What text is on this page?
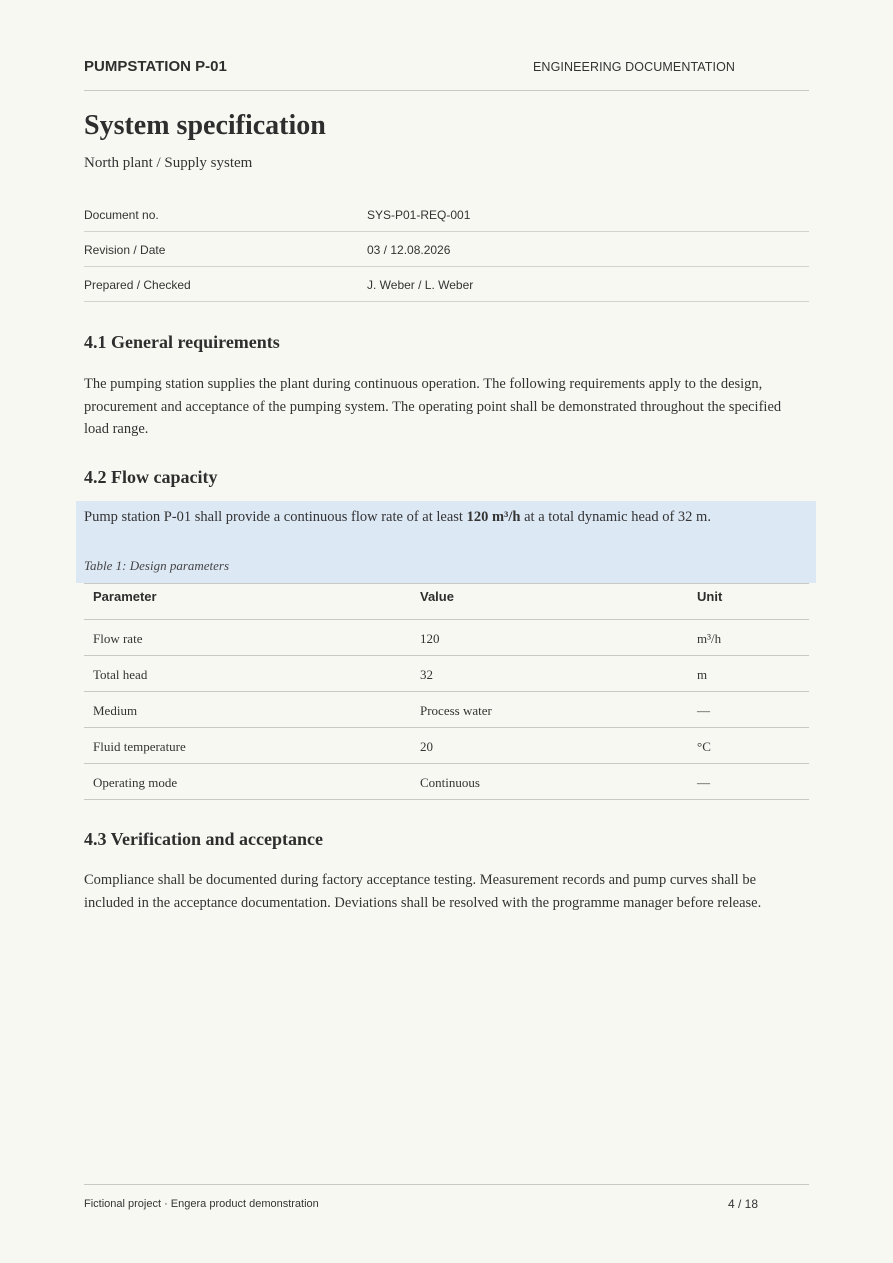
PUMPSTATION P-01	ENGINEERING DOCUMENTATION
System specification
North plant / Supply system
Document no.	SYS-P01-REQ-001
Revision / Date	03 / 12.08.2026
Prepared / Checked	J. Weber / L. Weber
4.1 General requirements

The pumping station supplies the plant during continuous operation. The following requirements apply to the design, procurement and acceptance of the pumping system. The operating point shall be demonstrated throughout the specified load range.

4.2 Flow capacity
Pump station P-01 shall provide a continuous flow rate of at least 120 m³/h at a total dynamic head of 32 m.
Table 1: Design parameters
Parameter	Value	Unit
Flow rate	120	m³/h
Total head	32	m
Medium	Process water	—
Fluid temperature	20	°C
Operating mode	Continuous	—
4.3 Verification and acceptance

Compliance shall be documented during factory acceptance testing. Measurement records and pump curves shall be included in the acceptance documentation. Deviations shall be resolved with the programme manager before release.

Fictional project · Engera product demonstration	4 / 18
